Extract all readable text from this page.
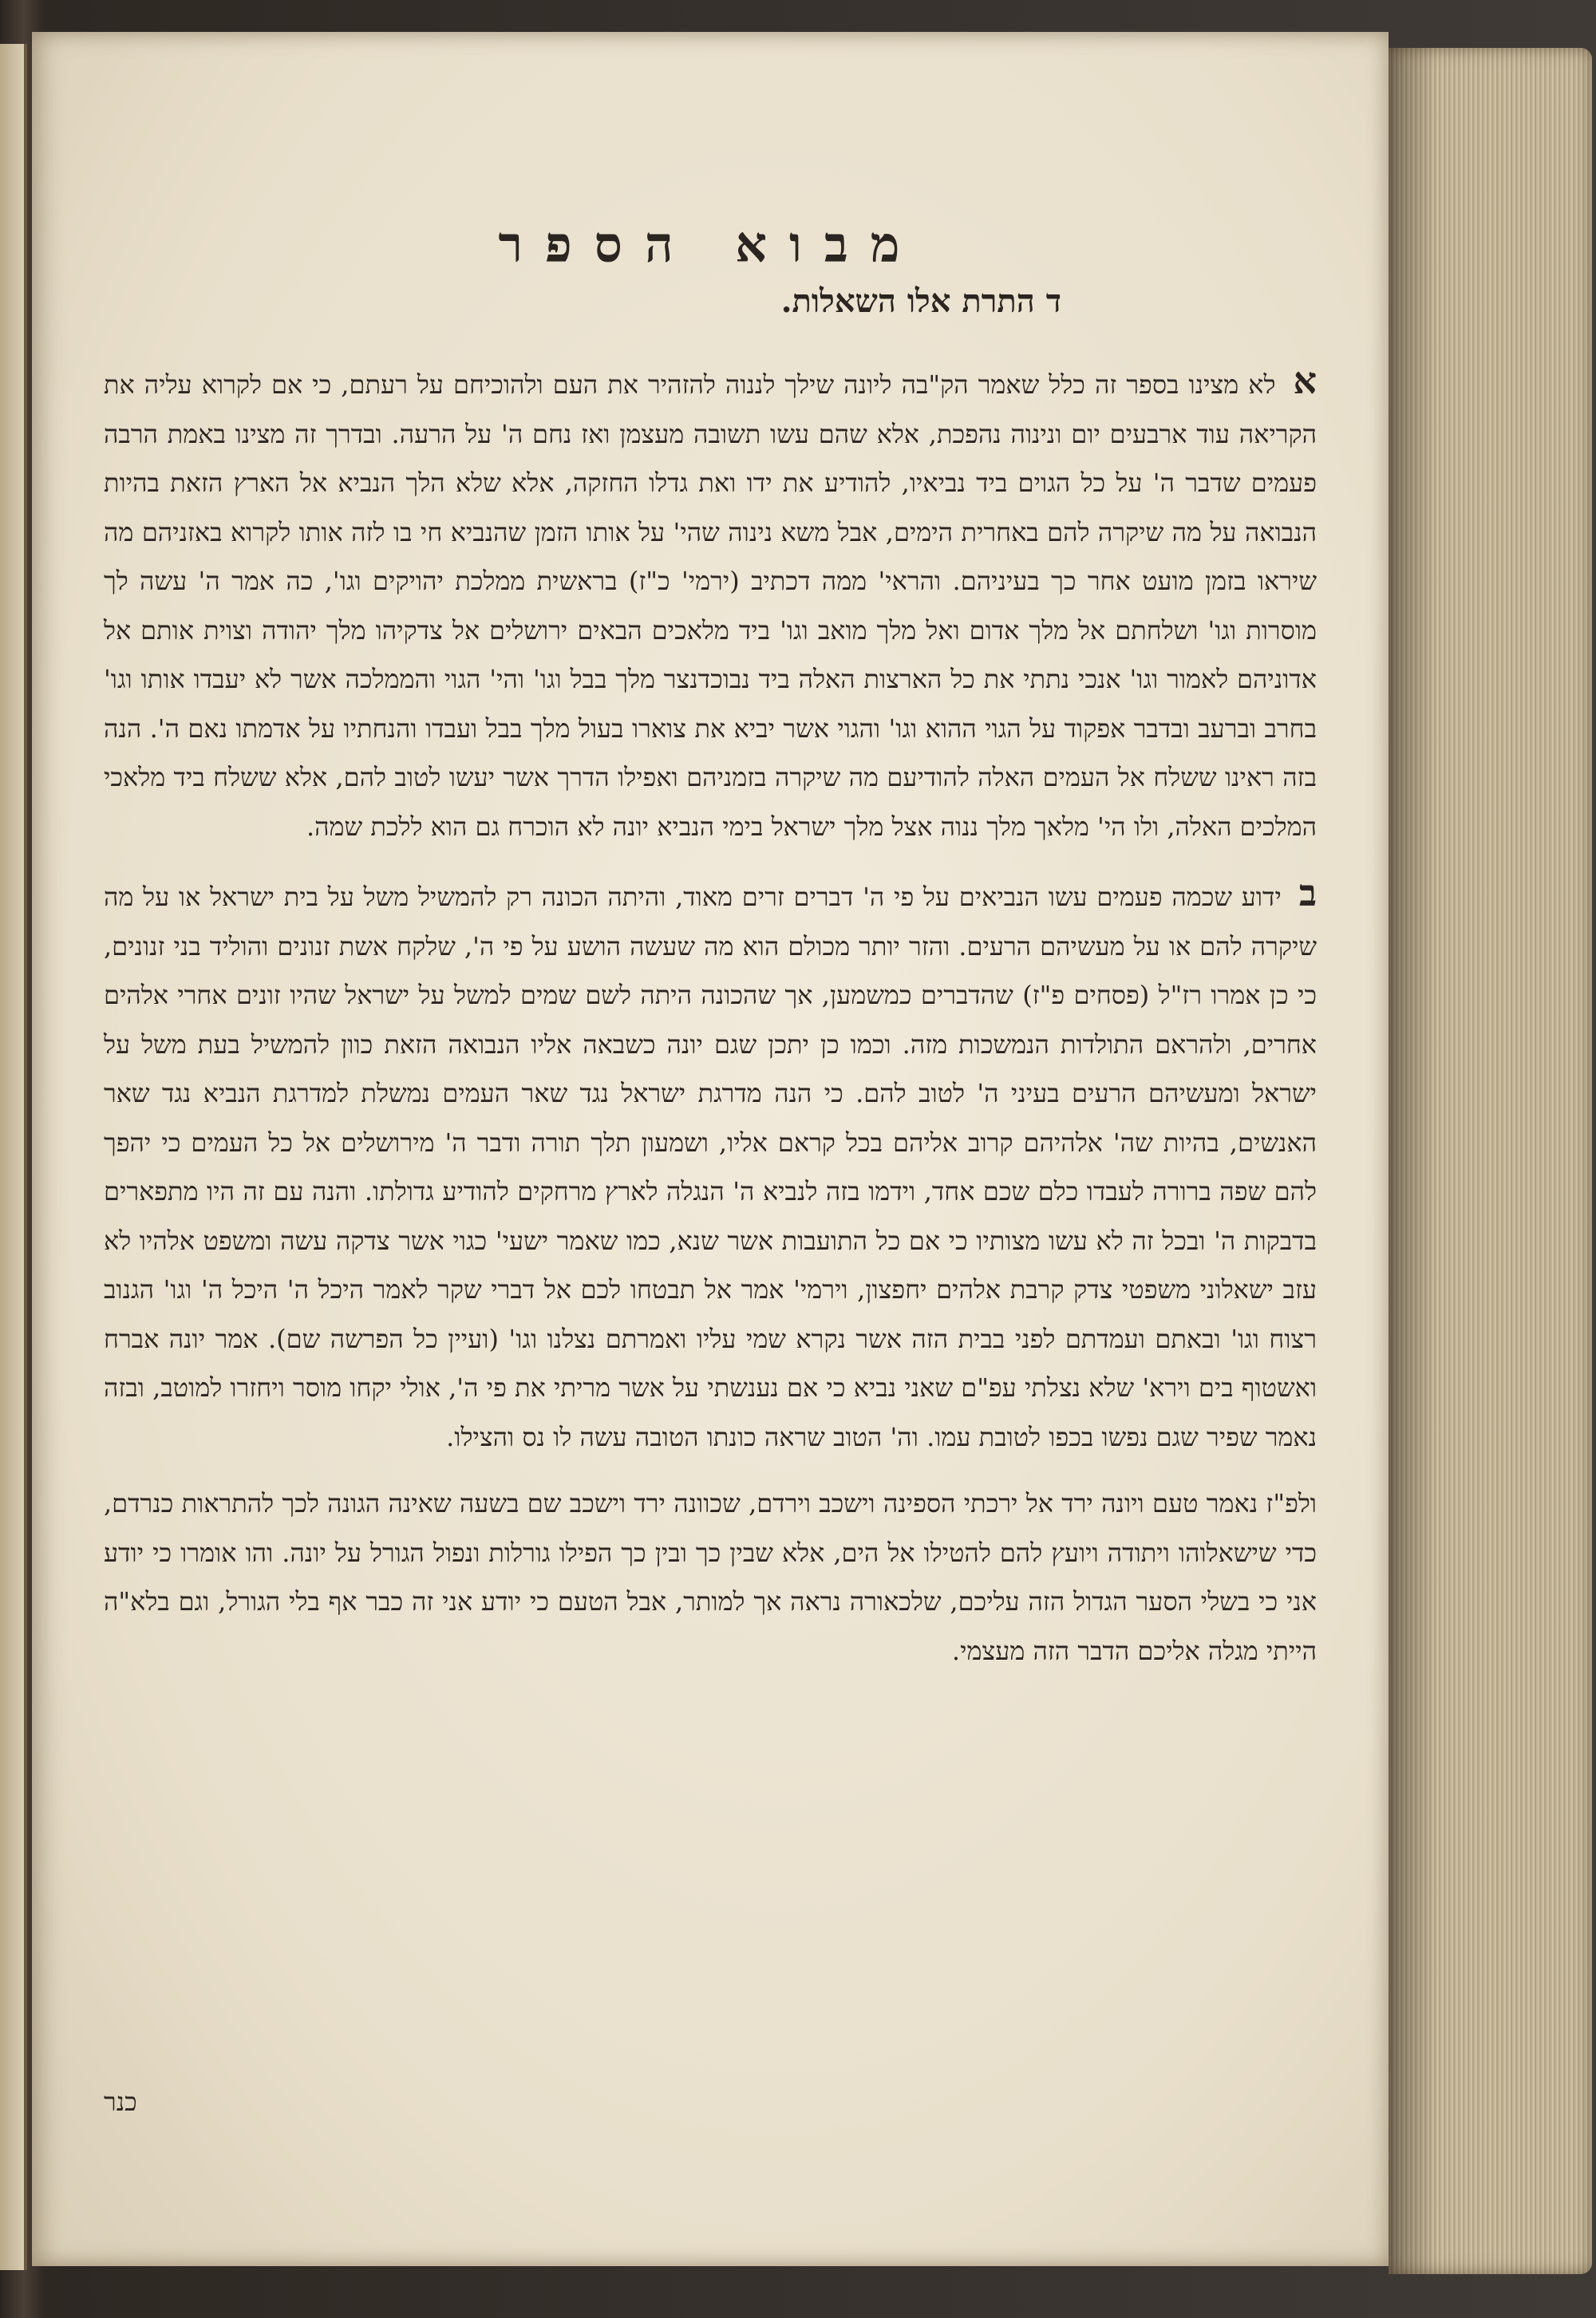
מבוא הספר
ד התרת אלו השאלות.

אלא מצינו בספר זה כלל שאמר הק"בה ליונה שילך לננוה להזהיר את העם ולהוכיחם על רעתם, כי אם לקרוא עליה את הקריאה עוד ארבעים יום ונינוה נהפכת, אלא שהם עשו תשובה מעצמן ואז נחם ה' על הרעה. ובדרך זה מצינו באמת הרבה פעמים שדבר ה' על כל הגוים ביד נביאיו, להודיע את ידו ואת גדלו החזקה, אלא שלא הלך הנביא אל הארץ הזאת בהיות הנבואה על מה שיקרה להם באחרית הימים, אבל משא נינוה שהי' על אותו הזמן שהנביא חי בו לזה אותו לקרוא באזניהם מה שיראו בזמן מועט אחר כך בעיניהם. והראי' ממה דכתיב (ירמי' כ"ז) בראשית ממלכת יהויקים וגו', כה אמר ה' עשה לך מוסרות וגו' ושלחתם אל מלך אדום ואל מלך מואב וגו' ביד מלאכים הבאים ירושלים אל צדקיהו מלך יהודה וצוית אותם אל אדוניהם לאמור וגו' אנכי נתתי את כל הארצות האלה ביד נבוכדנצר מלך בבל וגו' והי' הגוי והממלכה אשר לא יעבדו אותו וגו' בחרב וברעב ובדבר אפקוד על הגוי ההוא וגו' והגוי אשר יביא את צוארו בעול מלך בבל ועבדו והנחתיו על אדמתו נאם ה'. הנה בזה ראינו ששלח אל העמים האלה להודיעם מה שיקרה בזמניהם ואפילו הדרך אשר יעשו לטוב להם, אלא ששלח ביד מלאכי המלכים האלה, ולו הי' מלאך מלך ננוה אצל מלך ישראל בימי הנביא יונה לא הוכרח גם הוא ללכת שמה.

בידוע שכמה פעמים עשו הנביאים על פי ה' דברים זרים מאוד, והיתה הכונה רק להמשיל משל על בית ישראל או על מה שיקרה להם או על מעשיהם הרעים. והזר יותר מכולם הוא מה שעשה הושע על פי ה', שלקח אשת זנונים והוליד בני זנונים, כי כן אמרו רז"ל (פסחים פ"ז) שהדברים כמשמען, אך שהכונה היתה לשם שמים למשל על ישראל שהיו זונים אחרי אלהים אחרים, ולהראם התולדות הנמשכות מזה. וכמו כן יתכן שגם יונה כשבאה אליו הנבואה הזאת כוון להמשיל בעת משל על ישראל ומעשיהם הרעים בעיני ה' לטוב להם. כי הנה מדרגת ישראל נגד שאר העמים נמשלת למדרגת הנביא נגד שאר האנשים, בהיות שה' אלהיהם קרוב אליהם בכל קראם אליו, ושמעון תלך תורה ודבר ה' מירושלים אל כל העמים כי יהפך להם שפה ברורה לעבדו כלם שכם אחד, וידמו בזה לנביא ה' הנגלה לארץ מרחקים להודיע גדולתו. והנה עם זה היו מתפארים בדבקות ה' ובכל זה לא עשו מצותיו כי אם כל התועבות אשר שנא, כמו שאמר ישעי' כגוי אשר צדקה עשה ומשפט אלהיו לא עזב ישאלוני משפטי צדק קרבת אלהים יחפצון, וירמי' אמר אל תבטחו לכם אל דברי שקר לאמר היכל ה' היכל ה' וגו' הגנוב רצוח וגו' ובאתם ועמדתם לפני בבית הזה אשר נקרא שמי עליו ואמרתם נצלנו וגו' (ועיין כל הפרשה שם). אמר יונה אברח ואשטוף בים וירא' שלא נצלתי עפ"ם שאני נביא כי אם נענשתי על אשר מריתי את פי ה', אולי יקחו מוסר ויחזרו למוטב, ובזה נאמר שפיר שגם נפשו בכפו לטובת עמו. וה' הטוב שראה כונתו הטובה עשה לו נס והצילו.

ולפ"ז נאמר טעם ויונה ירד אל ירכתי הספינה וישכב וירדם, שכוונה ירד וישכב שם בשעה שאינה הגונה לכך להתראות כנרדם, כדי שישאלוהו ויתודה ויועץ להם להטילו אל הים, אלא שבין כך ובין כך הפילו גורלות ונפול הגורל על יונה. והו אומרו כי יודע אני כי בשלי הסער הגדול הזה עליכם, שלכאורה נראה אך למותר, אבל הטעם כי יודע אני זה כבר אף בלי הגורל, וגם בלא"ה הייתי מגלה אליכם הדבר הזה מעצמי.

כנר
